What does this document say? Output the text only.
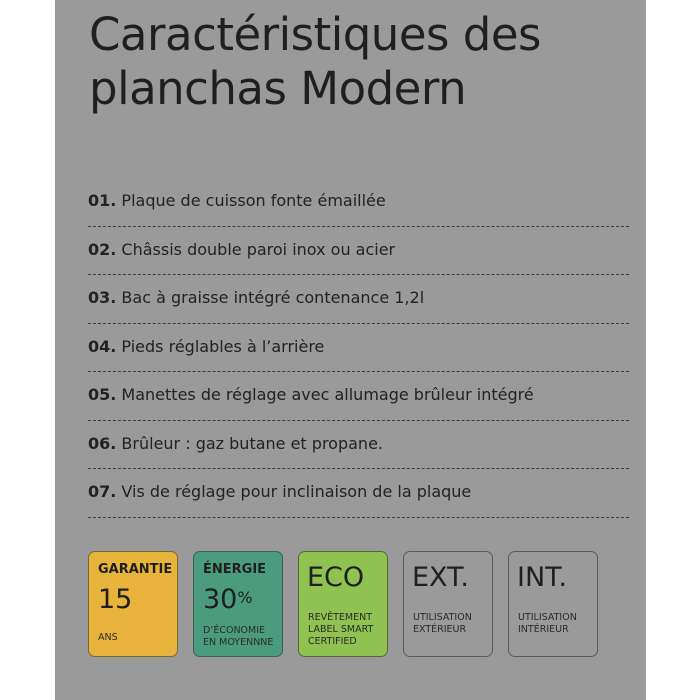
Caractéristiques des
planchas Modern
01. Plaque de cuisson fonte émaillée
02. Châssis double paroi inox ou acier
03. Bac à graisse intégré contenance 1,2l
04. Pieds réglables à l’arrière
05. Manettes de réglage avec allumage brûleur intégré
06. Brûleur : gaz butane et propane.
07. Vis de réglage pour inclinaison de la plaque
GARANTIE
15
ANS
ÉNERGIE
30%
D’ÉCONOMIE
EN MOYENNNE
ECO
REVÊTEMENT
LABEL SMART
CERTIFIED
EXT.
UTILISATION
EXTÉRIEUR
INT.
UTILISATION
INTÉRIEUR
